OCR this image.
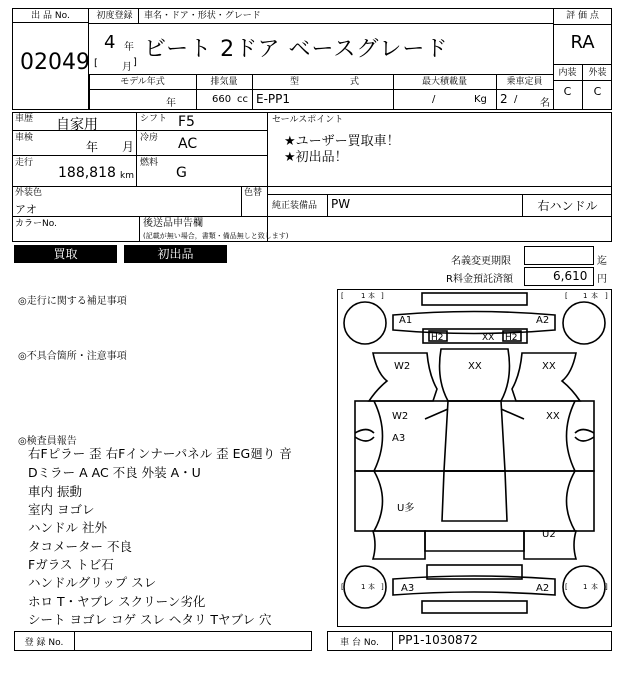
出 品 No.
02049
初度登録
4 年
[ 月 ]
車名・ドア・形状・グレード
ビート 2ドア ベースグレード
評 価 点
RA
内装	外装
C	C
モデル年式	排気量	型	式	最大積載量	乗車定員
年	660 cc E-PP1	/	Kg 2 / 名
車歴 自家用	シフト F5
車検
年 月
冷房 AC
走行
188,818 km
燃料
G
セールスポイント
★ユーザー買取車！
★初出品！
外装色
アオ
色替
純正装備品 PW	右ハンドル
カラーNo.	後送品申告欄
(記載が無い場合，書類・備品無しと致します)
買取	初出品
名義変更期限	迄
R料金預託済額	6,610 円
◎走行に関する補足事項
◎不具合箇所・注意事項
◎検査員報告
右Fピラー 歪 右Fインナーパネル 歪 EG廻り 音
Dミラー A AC 不良 外装 A・U
車内 振動
室内 ヨゴレ
ハンドル 社外
タコメーター 不良
Fガラス トビ石
ハンドルグリップ スレ
ホロ T・ヤブレ スクリーン劣化
シート ヨゴレ コゲ スレ ヘタリ Tヤブレ 穴
[ 1 本 ]	[ 1 本 ]
[ 1 本 ]	[ 1 本 ]
A1	A2
H2	XX H2
W2	XX	XX
W2
A3
XX
U多
U2
A3	A2
登 録 No.	車 台 No.	PP1-1030872
